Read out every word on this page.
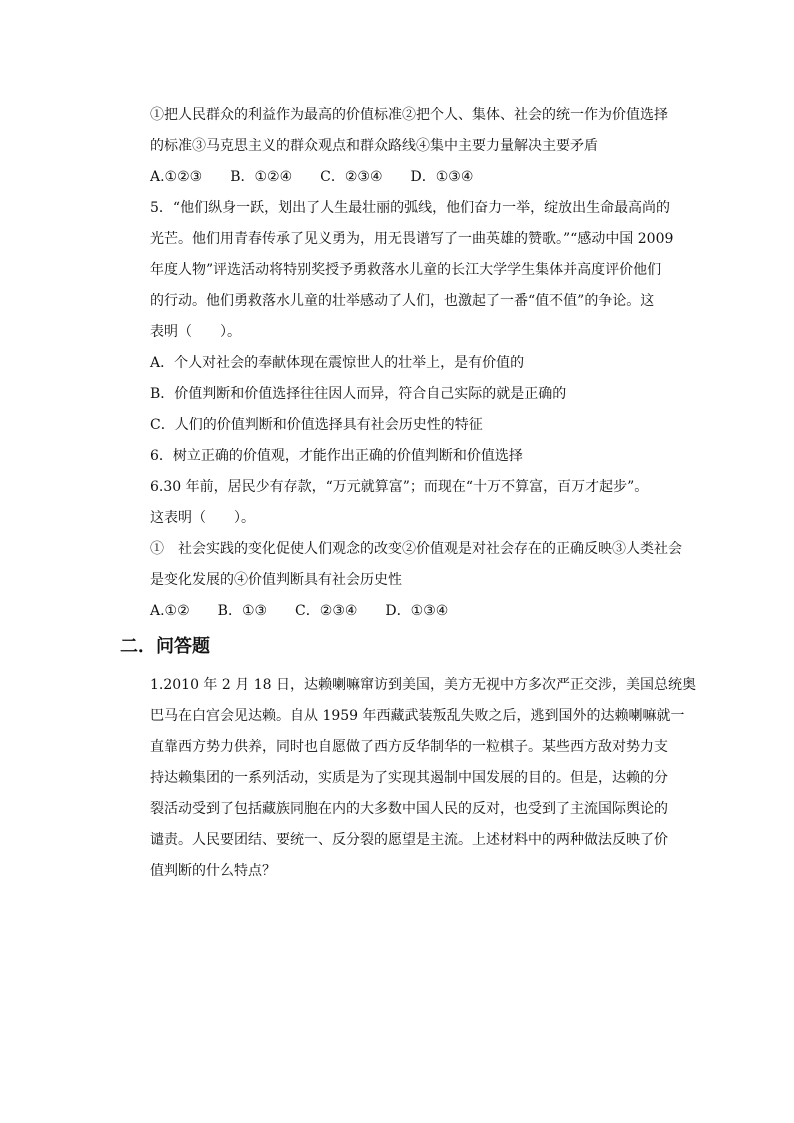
①把人民群众的利益作为最高的价值标准②把个人、集体、社会的统一作为价值选择
的标准③马克思主义的群众观点和群众路线④集中主要力量解决主要矛盾
A.①②③　　B．①②④　　C．②③④　　D．①③④
5．“他们纵身一跃，划出了人生最壮丽的弧线，他们奋力一举，绽放出生命最高尚的
光芒。他们用青春传承了见义勇为，用无畏谱写了一曲英雄的赞歌。”“感动中国 2009
年度人物”评选活动将特别奖授予勇救落水儿童的长江大学学生集体并高度评价他们
的行动。他们勇救落水儿童的壮举感动了人们，也激起了一番“值不值”的争论。这
表明（　　）。
A．个人对社会的奉献体现在震惊世人的壮举上，是有价值的
B．价值判断和价值选择往往因人而异，符合自己实际的就是正确的
C．人们的价值判断和价值选择具有社会历史性的特征
6．树立正确的价值观，才能作出正确的价值判断和价值选择
6.30 年前，居民少有存款，“万元就算富”；而现在“十万不算富，百万才起步”。
这表明（　　）。
①　社会实践的变化促使人们观念的改变②价值观是对社会存在的正确反映③人类社会
是变化发展的④价值判断具有社会历史性
A.①②　　B．①③　　C．②③④　　D．①③④
二．问答题
1.2010 年 2 月 18 日，达赖喇嘛窜访到美国，美方无视中方多次严正交涉，美国总统奥
巴马在白宫会见达赖。自从 1959 年西藏武装叛乱失败之后，逃到国外的达赖喇嘛就一
直靠西方势力供养，同时也自愿做了西方反华制华的一粒棋子。某些西方敌对势力支
持达赖集团的一系列活动，实质是为了实现其遏制中国发展的目的。但是，达赖的分
裂活动受到了包括藏族同胞在内的大多数中国人民的反对，也受到了主流国际舆论的
谴责。人民要团结、要统一、反分裂的愿望是主流。上述材料中的两种做法反映了价
值判断的什么特点？
